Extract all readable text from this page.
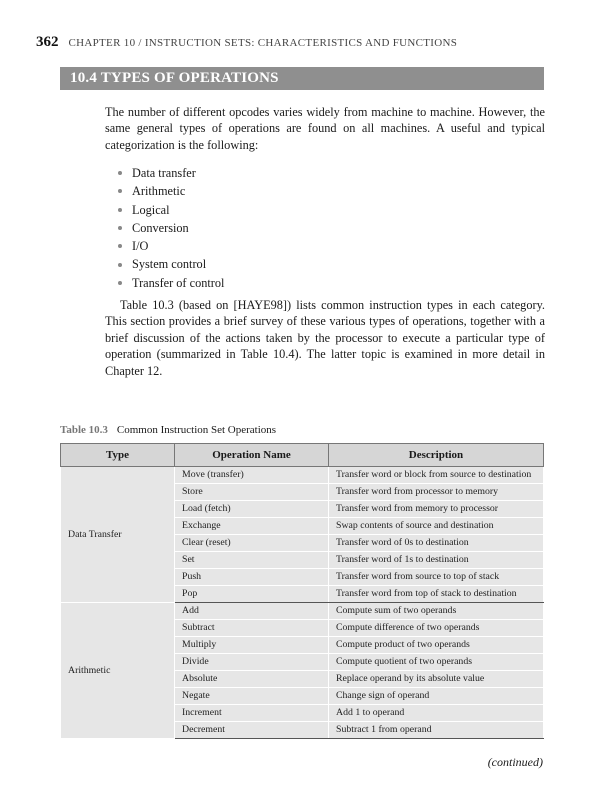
362 CHAPTER 10 / INSTRUCTION SETS: CHARACTERISTICS AND FUNCTIONS
10.4 TYPES OF OPERATIONS

The number of different opcodes varies widely from machine to machine. However, the same general types of operations are found on all machines. A useful and typical categorization is the following:

Data transfer
Arithmetic
Logical
Conversion
I/O
System control
Transfer of control

Table 10.3 (based on [HAYE98]) lists common instruction types in each category. This section provides a brief survey of these various types of operations, together with a brief discussion of the actions taken by the processor to execute a particular type of operation (summarized in Table 10.4). The latter topic is examined in more detail in Chapter 12.

Table 10.3 Common Instruction Set Operations
Type	Operation Name	Description
Data Transfer	Move (transfer)	Transfer word or block from source to destination
	Store	Transfer word from processor to memory
	Load (fetch)	Transfer word from memory to processor
	Exchange	Swap contents of source and destination
	Clear (reset)	Transfer word of 0s to destination
	Set	Transfer word of 1s to destination
	Push	Transfer word from source to top of stack
	Pop	Transfer word from top of stack to destination
Arithmetic	Add	Compute sum of two operands
	Subtract	Compute difference of two operands
	Multiply	Compute product of two operands
	Divide	Compute quotient of two operands
	Absolute	Replace operand by its absolute value
	Negate	Change sign of operand
	Increment	Add 1 to operand
	Decrement	Subtract 1 from operand
(continued)
